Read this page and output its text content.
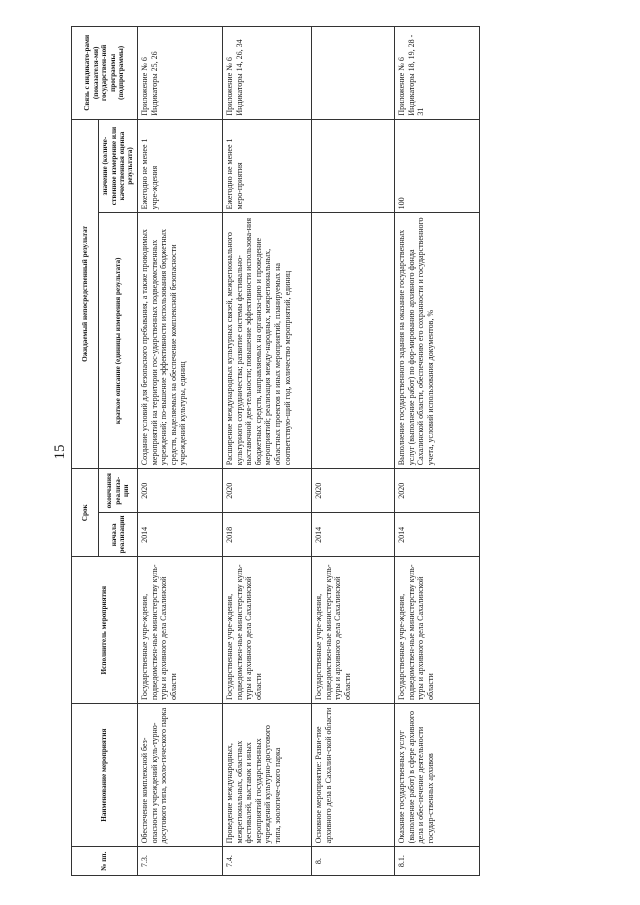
15
№ пп.	Наименование мероприятия	Исполнитель мероприятия	Срок		Ожидаемый непосредственный результат		Связь с индикато-рами (показателя-ми) государствен-ной программы (подпрограммы)
			начала реализации	окончания реализа-ции	краткое описание (единицы измерения результата)	значение (количе-ственное измерение или качественная оценка результата)	
7.3.	Обеспечение комплексной без-опасности учреждений куль-турно-досугового типа, зооло-гического парка	Государственные учре-ждения, подведомствен-ные министерству куль-туры и архивного дела Сахалинской области	2014	2020	Создание условий для безопасного пребывания, а также проводимых мероприятий на территории гос-ударственных подведомственных учреждений; по-вышение эффективности использования бюджетных средств, выделяемых на обеспечение комплексной безопасности учреждений культуры, единиц	Ежегодно не менее 1 учре-ждения	Приложение № 6 Индикаторы 25, 26
7.4.	Проведение международных, межрегиональных, областных фестивалей, выставок и иных мероприятий государственных учреждений культурно-досугового типа, зоологиче-ского парка	Государственные учре-ждения, подведомствен-ные министерству куль-туры и архивного дела Сахалинской области	2018	2020	Расширение международных культурных связей, межрегионального культурного сотрудничества; развитие системы фестивально-выставочной дея-тельности; повышение эффективности использова-ния бюджетных средств, направляемых на организа-цию и проведение мероприятий; реализация между-народных, межрегиональных, областных проектов и иных мероприятий, планируемых на соответствую-щий год, количество мероприятий, единиц	Ежегодно не менее 1 меро-приятия	Приложение № 6 Индикаторы 14, 26, 34
8.	Основное мероприятие: Разви-тие архивного дела в Сахалин-ской области	Государственные учре-ждения, подведомствен-ные министерству куль-туры и архивного дела Сахалинской области	2014	2020			
8.1.	Оказание государственных услуг (выполнение работ) в сфере архивного дела и обес-печение деятельности государ-ственных архивов	Государственные учре-ждения, подведомствен-ные министерству куль-туры и архивного дела Сахалинской области	2014	2020	Выполнение государственного задания на оказание государственных услуг (выполнение работ) по фор-мированию архивного фонда Сахалинской области, обеспечению его сохранности и государственного учета, условий использования документов, %	100	Приложение № 6 Индикаторы 18, 19, 28 - 31
